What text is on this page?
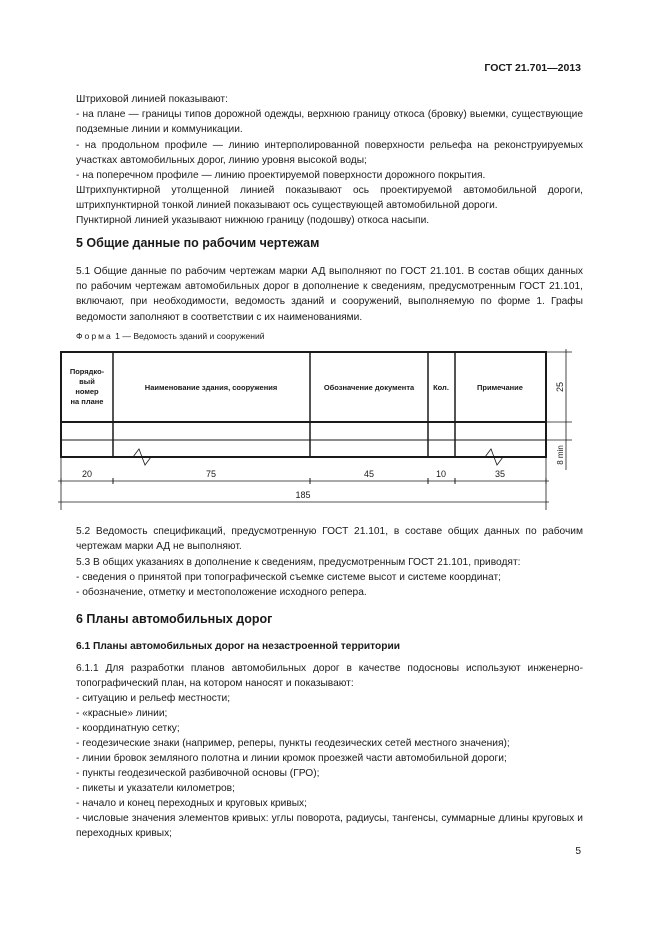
ГОСТ 21.701—2013
Штриховой линией показывают:
- на плане — границы типов дорожной одежды, верхнюю границу откоса (бровку) выемки, существующие подземные линии и коммуникации.
- на продольном профиле — линию интерполированной поверхности рельефа на реконструируемых участках автомобильных дорог, линию уровня высокой воды;
- на поперечном профиле — линию проектируемой поверхности дорожного покрытия.
Штрихпунктирной утолщенной линией показывают ось проектируемой автомобильной дороги, штрихпунктирной тонкой линией показывают ось существующей автомобильной дороги.
Пунктирной линией указывают нижнюю границу (подошву) откоса насыпи.
5 Общие данные по рабочим чертежам
5.1 Общие данные по рабочим чертежам марки АД выполняют по ГОСТ 21.101. В состав общих данных по рабочим чертежам автомобильных дорог в дополнение к сведениям, предусмотренным ГОСТ 21.101, включают, при необходимости, ведомость зданий и сооружений, выполняемую по форме 1. Графы ведомости заполняют в соответствии с их наименованиями.
Форма 1 — Ведомость зданий и сооружений
Порядко-
вый
номер
на плане
Наименование здания, сооружения	Обозначение документа	Кол.	Примечание
20	75	45	10	35
185
25
8 min
5.2 Ведомость спецификаций, предусмотренную ГОСТ 21.101, в составе общих данных по рабочим чертежам марки АД не выполняют.
5.3 В общих указаниях в дополнение к сведениям, предусмотренным ГОСТ 21.101, приводят:
- сведения о принятой при топографической съемке системе высот и системе координат;
- обозначение, отметку и местоположение исходного репера.
6 Планы автомобильных дорог
6.1 Планы автомобильных дорог на незастроенной территории
6.1.1 Для разработки планов автомобильных дорог в качестве подосновы используют инженерно-топографический план, на котором наносят и показывают:
- ситуацию и рельеф местности;
- «красные» линии;
- координатную сетку;
- геодезические знаки (например, реперы, пункты геодезических сетей местного значения);
- линии бровок земляного полотна и линии кромок проезжей части автомобильной дороги;
- пункты геодезической разбивочной основы (ГРО);
- пикеты и указатели километров;
- начало и конец переходных и круговых кривых;
- числовые значения элементов кривых: углы поворота, радиусы, тангенсы, суммарные длины круговых и переходных кривых;
5
